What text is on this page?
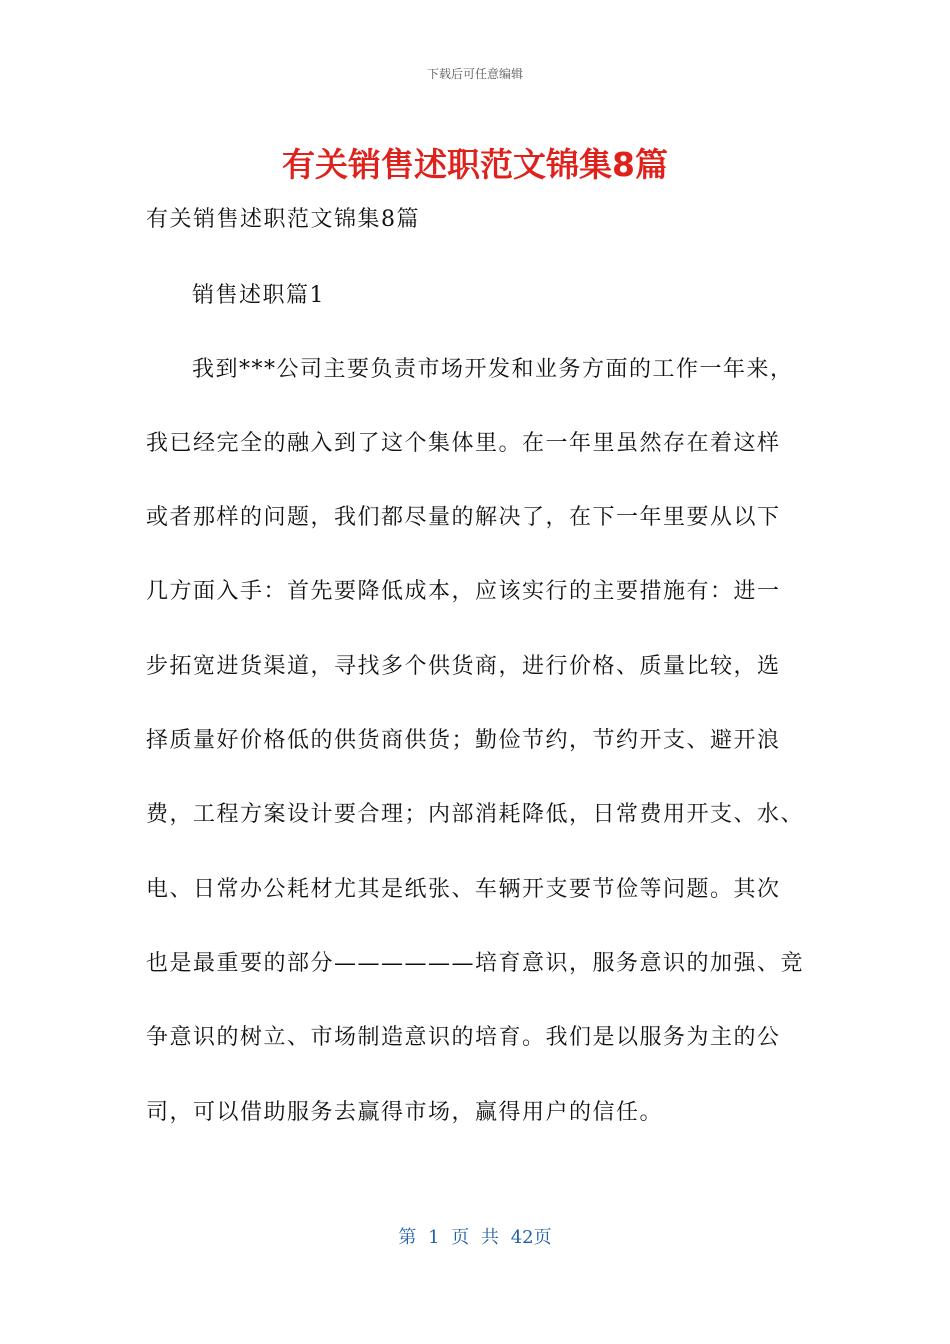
下载后可任意编辑
有关销售述职范文锦集8篇

有关销售述职范文锦集8篇

销售述职篇1

我到***公司主要负责市场开发和业务方面的工作一年来，

我已经完全的融入到了这个集体里。在一年里虽然存在着这样

或者那样的问题，我们都尽量的解决了，在下一年里要从以下

几方面入手：首先要降低成本，应该实行的主要措施有：进一

步拓宽进货渠道，寻找多个供货商，进行价格、质量比较，选

择质量好价格低的供货商供货；勤俭节约，节约开支、避开浪

费，工程方案设计要合理；内部消耗降低，日常费用开支、水、

电、日常办公耗材尤其是纸张、车辆开支要节俭等问题。其次

也是最重要的部分——————培育意识，服务意识的加强、竞

争意识的树立、市场制造意识的培育。我们是以服务为主的公

司，可以借助服务去赢得市场，赢得用户的信任。

第 1 页 共 42页
